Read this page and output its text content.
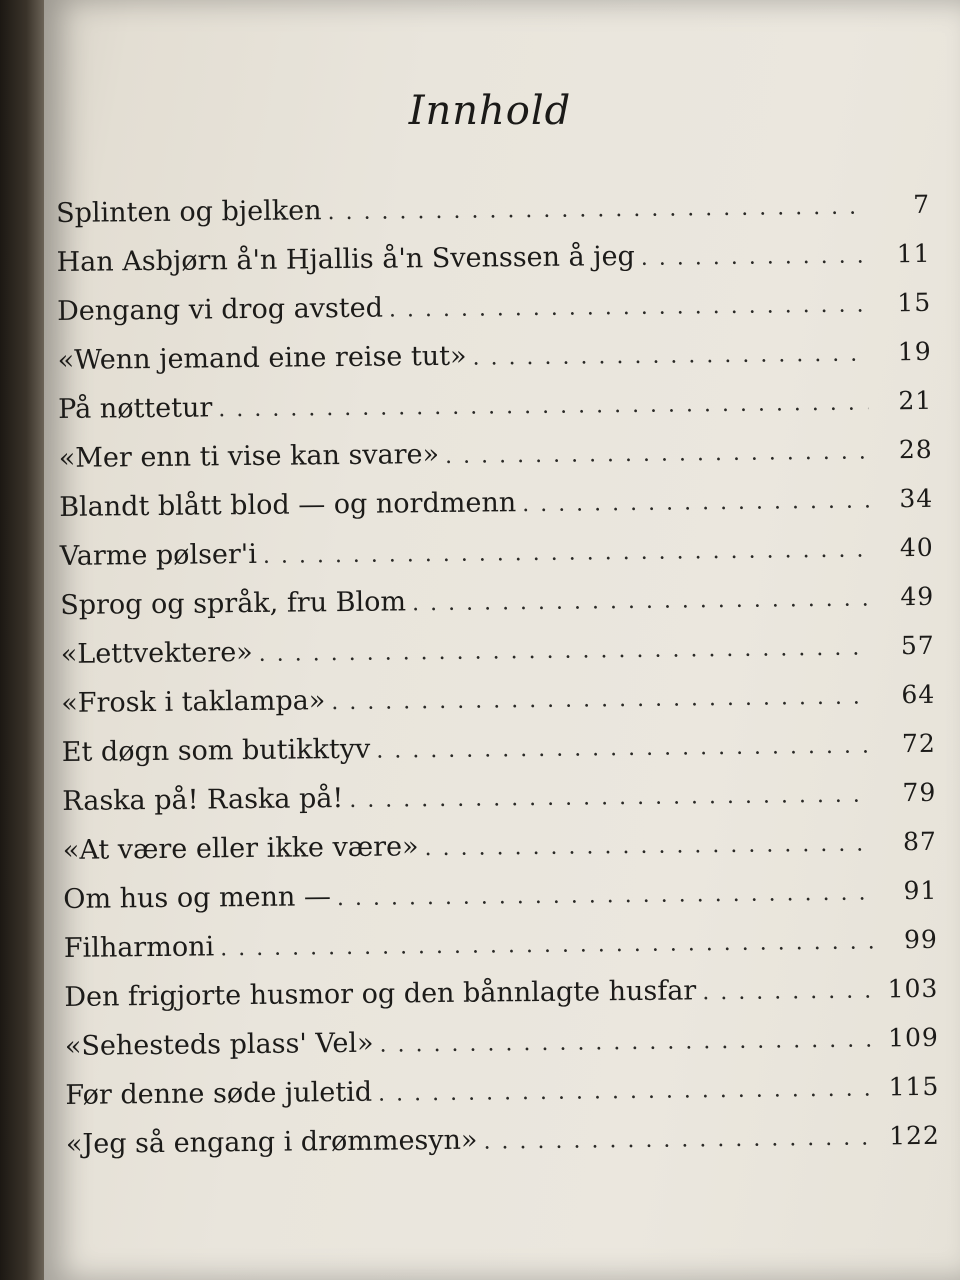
Innhold
Splinten og bjelken . . .	7
Han Asbjørn å'n Hjallis å'n Svenssen å jeg . . .	11
Dengang vi drog avsted . . .	15
«Wenn jemand eine reise tut» . . .	19
På nøttetur . . .	21
«Mer enn ti vise kan svare» . . .	28
Blandt blått blod — og nordmenn . . .	34
Varme pølser'i . . .	40
Sprog og språk, fru Blom . . .	49
«Lettvektere» . . .	57
«Frosk i taklampa» . . .	64
Et døgn som butikktyv . . .	72
Raska på! Raska på! . . .	79
«At være eller ikke være» . . .	87
Om hus og menn — . . .	91
Filharmoni . . .	99
Den frigjorte husmor og den bånnlagte husfar . . .	103
«Sehesteds plass' Vel» . . .	109
Før denne søde juletid . . .	115
«Jeg så engang i drømmesyn» . . .	122
